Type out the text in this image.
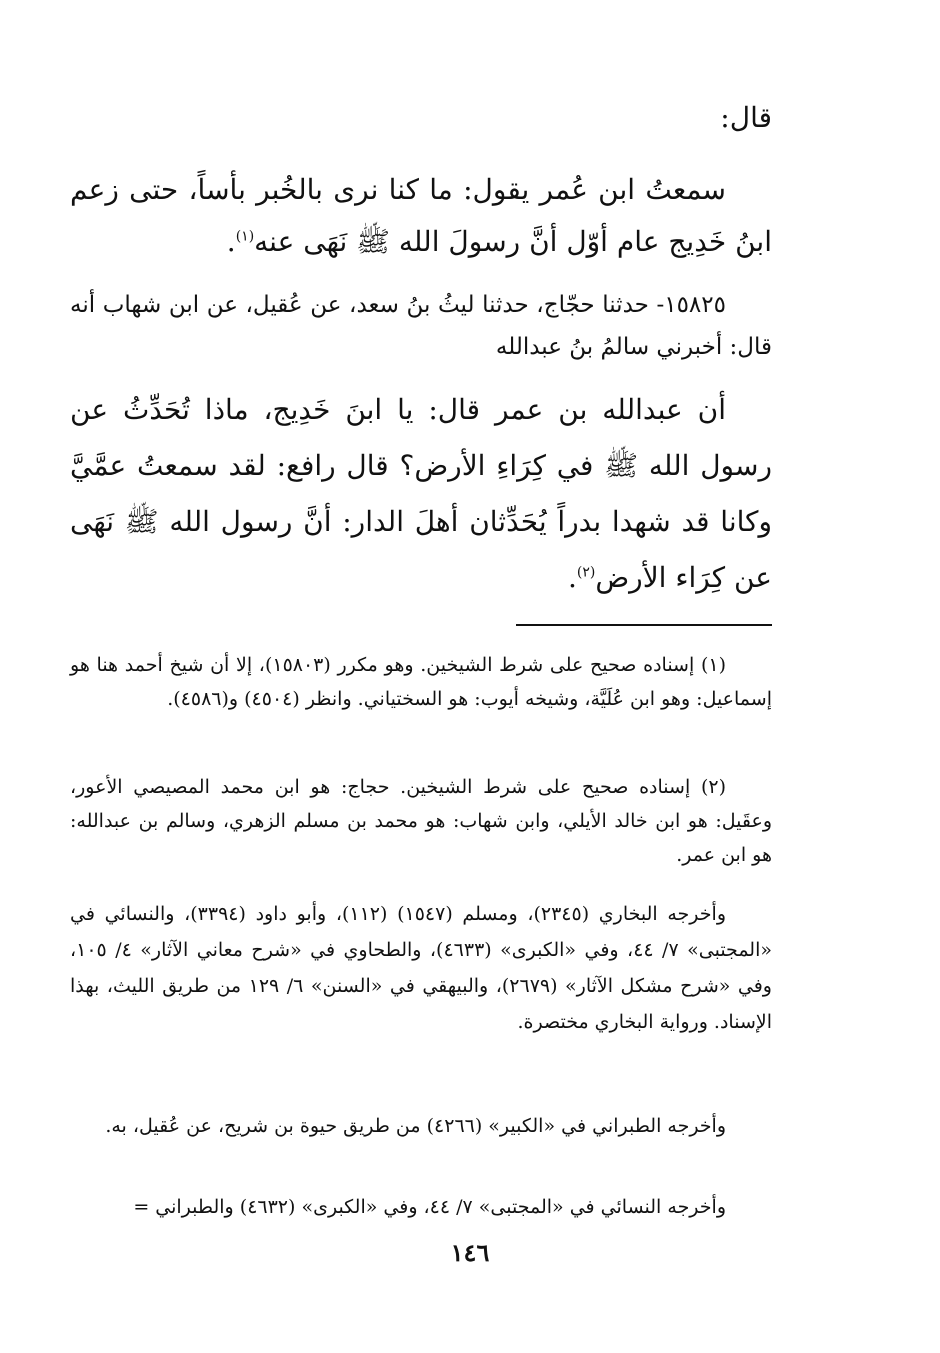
قال:

سمعتُ ابن عُمر يقول: ما كنا نرى بالخُبر بأساً، حتى زعم ابنُ خَدِيج عام أوّل أنَّ رسولَ الله ﷺ نَهَى عنه$^{(١)}$.

١٥٨٢٥- حدثنا حجّاج، حدثنا ليثُ بنُ سعد، عن عُقيل، عن ابن شهاب أنه قال: أخبرني سالمُ بنُ عبدالله

أن عبدالله بن عمر قال: يا ابنَ خَدِيج، ماذا تُحَدِّثُ عن رسول الله ﷺ في كِرَاءِ الأرض؟ قال رافع: لقد سمعتُ عمَّيَّ وكانا قد شهدا بدراً يُحَدِّثان أهلَ الدار: أنَّ رسول الله ﷺ نَهَى عن كِرَاء الأرض$^{(٢)}$.

(١) إسناده صحيح على شرط الشيخين. وهو مكرر (١٥٨٠٣)، إلا أن شيخ أحمد هنا هو إسماعيل: وهو ابن عُلَيَّة، وشيخه أيوب: هو السختياني. وانظر (٤٥٠٤) و(٤٥٨٦).

(٢) إسناده صحيح على شرط الشيخين. حجاج: هو ابن محمد المصيصي الأعور، وعقَيل: هو ابن خالد الأيلي، وابن شهاب: هو محمد بن مسلم الزهري، وسالم بن عبدالله: هو ابن عمر.

وأخرجه البخاري (٢٣٤٥)، ومسلم (١٥٤٧) (١١٢)، وأبو داود (٣٣٩٤)، والنسائي في «المجتبى» ٧/ ٤٤، وفي «الكبرى» (٤٦٣٣)، والطحاوي في «شرح معاني الآثار» ٤/ ١٠٥، وفي «شرح مشكل الآثار» (٢٦٧٩)، والبيهقي في «السنن» ٦/ ١٢٩ من طريق الليث، بهذا الإسناد. ورواية البخاري مختصرة.

وأخرجه الطبراني في «الكبير» (٤٢٦٦) من طريق حيوة بن شريح، عن عُقيل، به.

وأخرجه النسائي في «المجتبى» ٧/ ٤٤، وفي «الكبرى» (٤٦٣٢) والطبراني =

١٤٦
